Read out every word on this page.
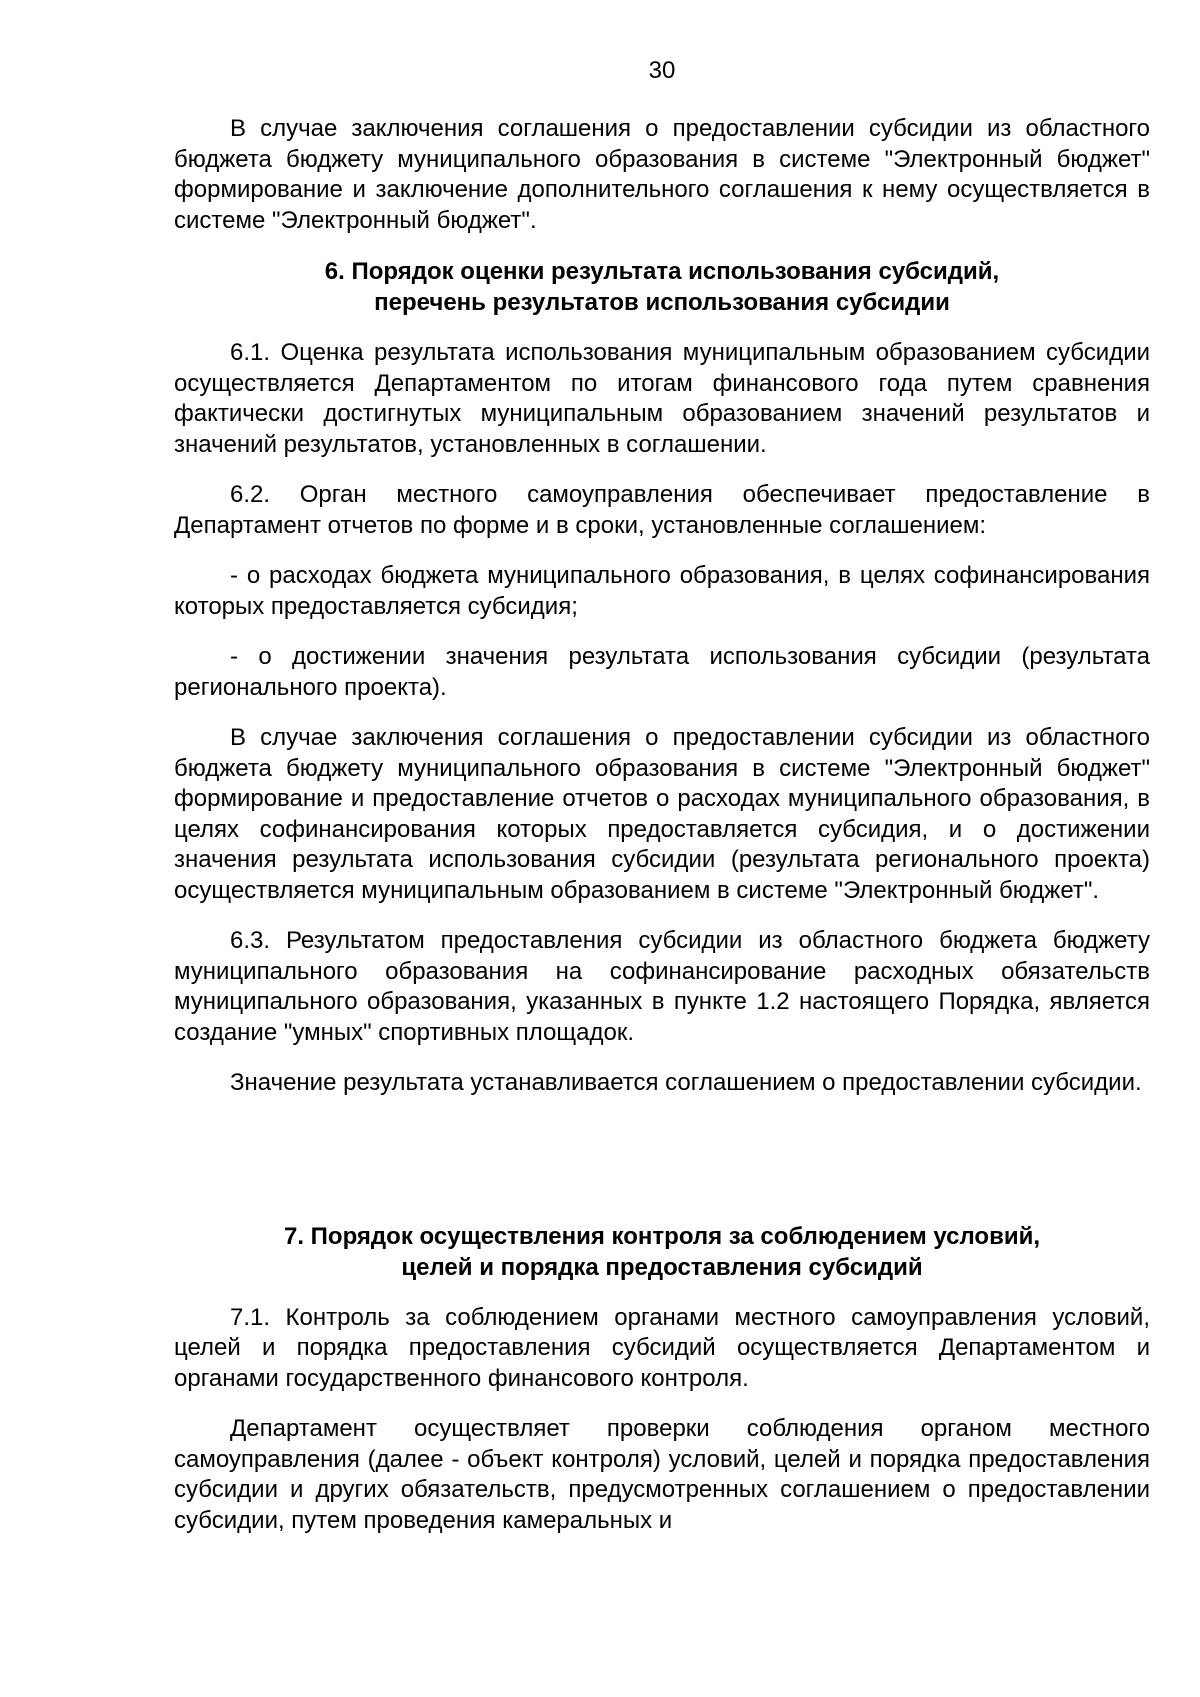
30

В случае заключения соглашения о предоставлении субсидии из областного бюджета бюджету муниципального образования в системе "Электронный бюджет" формирование и заключение дополнительного соглашения к нему осуществляется в системе "Электронный бюджет".

6. Порядок оценки результата использования субсидий,
перечень результатов использования субсидии

6.1. Оценка результата использования муниципальным образованием субсидии осуществляется Департаментом по итогам финансового года путем сравнения фактически достигнутых муниципальным образованием значений результатов и значений результатов, установленных в соглашении.

6.2. Орган местного самоуправления обеспечивает предоставление в Департамент отчетов по форме и в сроки, установленные соглашением:

- о расходах бюджета муниципального образования, в целях софинансирования которых предоставляется субсидия;

- о достижении значения результата использования субсидии (результата регионального проекта).

В случае заключения соглашения о предоставлении субсидии из областного бюджета бюджету муниципального образования в системе "Электронный бюджет" формирование и предоставление отчетов о расходах муниципального образования, в целях софинансирования которых предоставляется субсидия, и о достижении значения результата использования субсидии (результата регионального проекта) осуществляется муниципальным образованием в системе "Электронный бюджет".

6.3. Результатом предоставления субсидии из областного бюджета бюджету муниципального образования на софинансирование расходных обязательств муниципального образования, указанных в пункте 1.2 настоящего Порядка, является создание "умных" спортивных площадок.

Значение результата устанавливается соглашением о предоставлении субсидии.

7. Порядок осуществления контроля за соблюдением условий,
целей и порядка предоставления субсидий

7.1. Контроль за соблюдением органами местного самоуправления условий, целей и порядка предоставления субсидий осуществляется Департаментом и органами государственного финансового контроля.

Департамент осуществляет проверки соблюдения органом местного самоуправления (далее - объект контроля) условий, целей и порядка предоставления субсидии и других обязательств, предусмотренных соглашением о предоставлении субсидии, путем проведения камеральных и
